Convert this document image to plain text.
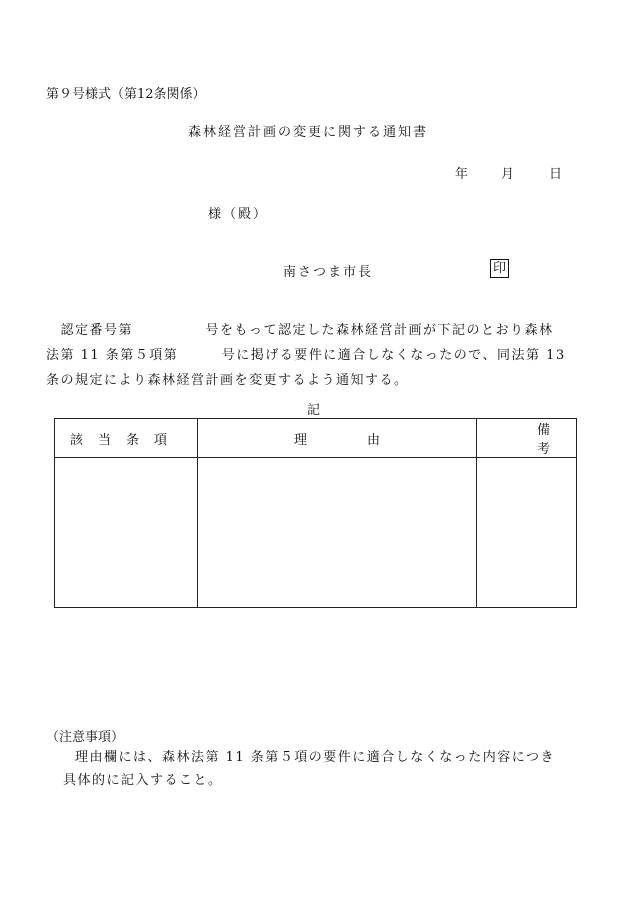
第９号様式（第12条関係）
森林経営計画の変更に関する通知書
年	月	日
様（殿）
南さつま市長	印
　認定番号第　　　　　号をもって認定した森林経営計画が下記のとおり森林
法第 11 条第５項第　　　号に掲げる要件に適合しなくなったので、同法第 13
条の規定により森林経営計画を変更するよう通知する。
記
該当条項	理由	備考

（注意事項）
理由欄には、森林法第 11 条第５項の要件に適合しなくなった内容につき
具体的に記入すること。
